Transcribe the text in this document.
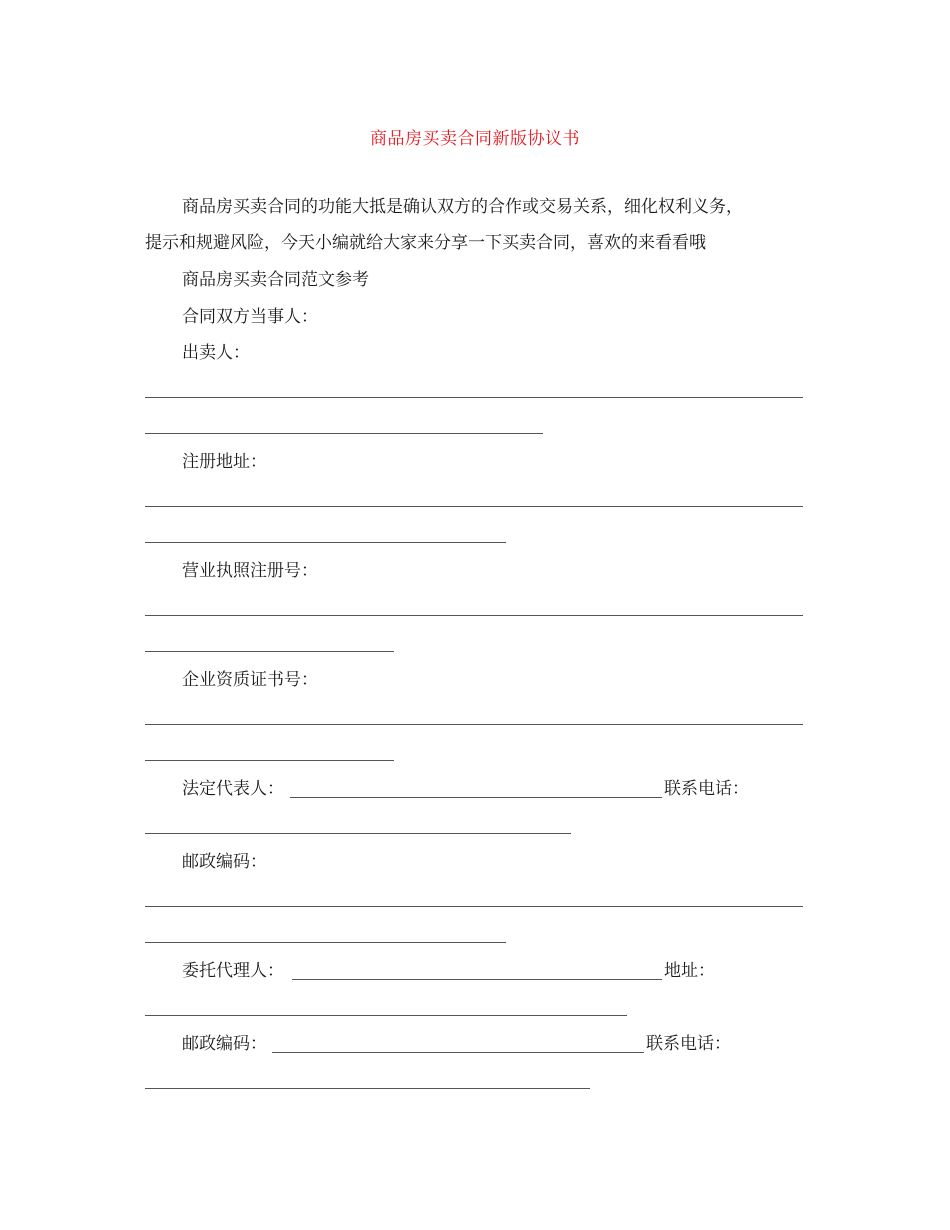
商品房买卖合同新版协议书
商品房买卖合同的功能大抵是确认双方的合作或交易关系，细化权利义务，
提示和规避风险，今天小编就给大家来分享一下买卖合同，喜欢的来看看哦
商品房买卖合同范文参考
合同双方当事人：
出卖人：
注册地址：
营业执照注册号：
企业资质证书号：
法定代表人：	联系电话：
邮政编码：
委托代理人：	地址：
邮政编码：	联系电话：
